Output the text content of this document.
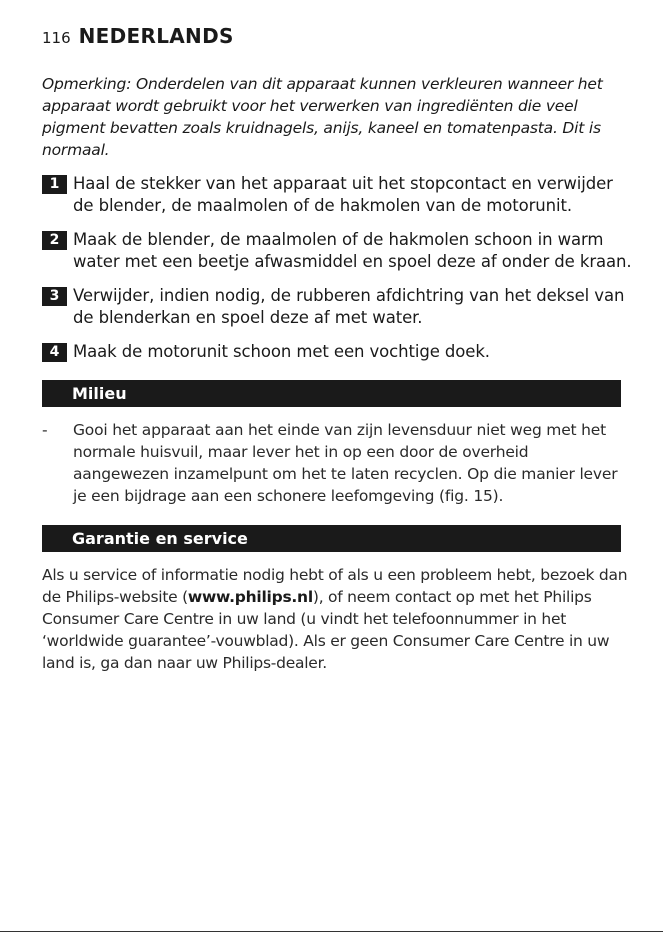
116 NEDERLANDS
Opmerking: Onderdelen van dit apparaat kunnen verkleuren wanneer het apparaat wordt gebruikt voor het verwerken van ingrediënten die veel pigment bevatten zoals kruidnagels, anijs, kaneel en tomatenpasta. Dit is normaal.
1 Haal de stekker van het apparaat uit het stopcontact en verwijder de blender, de maalmolen of de hakmolen van de motorunit.
2 Maak de blender, de maalmolen of de hakmolen schoon in warm water met een beetje afwasmiddel en spoel deze af onder de kraan.
3 Verwijder, indien nodig, de rubberen afdichtring van het deksel van de blenderkan en spoel deze af met water.
4 Maak de motorunit schoon met een vochtige doek.
Milieu
- Gooi het apparaat aan het einde van zijn levensduur niet weg met het normale huisvuil, maar lever het in op een door de overheid aangewezen inzamelpunt om het te laten recyclen. Op die manier lever je een bijdrage aan een schonere leefomgeving (fig. 15).
Garantie en service
Als u service of informatie nodig hebt of als u een probleem hebt, bezoek dan de Philips-website (www.philips.nl), of neem contact op met het Philips Consumer Care Centre in uw land (u vindt het telefoonnummer in het ‘worldwide guarantee’-vouwblad). Als er geen Consumer Care Centre in uw land is, ga dan naar uw Philips-dealer.
